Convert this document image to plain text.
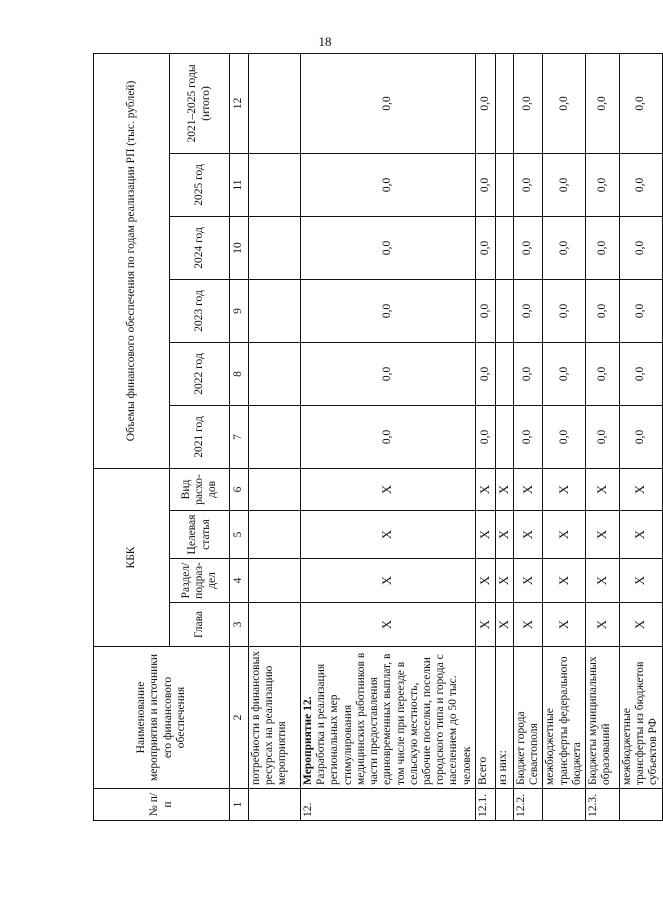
18
№ п/п	Наименование мероприятия и источники его финансового обеспечения	КБК				Объемы финансового обеспечения по годам реализации РП (тыс. рублей)					
		Глава	Раздел/ подраз- дел	Целевая статья	Вид расхо- дов	2021 год	2022 год	2023 год	2024 год	2025 год	2021–2025 годы (итого)
1	2	3	4	5	6	7	8	9	10	11	12
	потребности в финансовых ресурсах на реализацию мероприятия										
12.	Мероприятие 12. Разработка и реализация региональных мер стимулирования медицинских работников в части предоставления единовременных выплат, в том числе при переезде в сельскую местность, рабочие поселки, поселки городского типа и города с населением до 50 тыс. человек	X	X	X	X	0,0	0,0	0,0	0,0	0,0	0,0
12.1.	Всего	X	X	X	X	0,0	0,0	0,0	0,0	0,0	0,0
	из них:	X	X	X	X						
12.2.	Бюджет города Севастополя	X	X	X	X	0,0	0,0	0,0	0,0	0,0	0,0
	межбюджетные трансферты федерального бюджета	X	X	X	X	0,0	0,0	0,0	0,0	0,0	0,0
12.3.	Бюджеты муниципальных образований	X	X	X	X	0,0	0,0	0,0	0,0	0,0	0,0
	межбюджетные трансферты из бюджетов субъектов РФ	X	X	X	X	0,0	0,0	0,0	0,0	0,0	0,0
